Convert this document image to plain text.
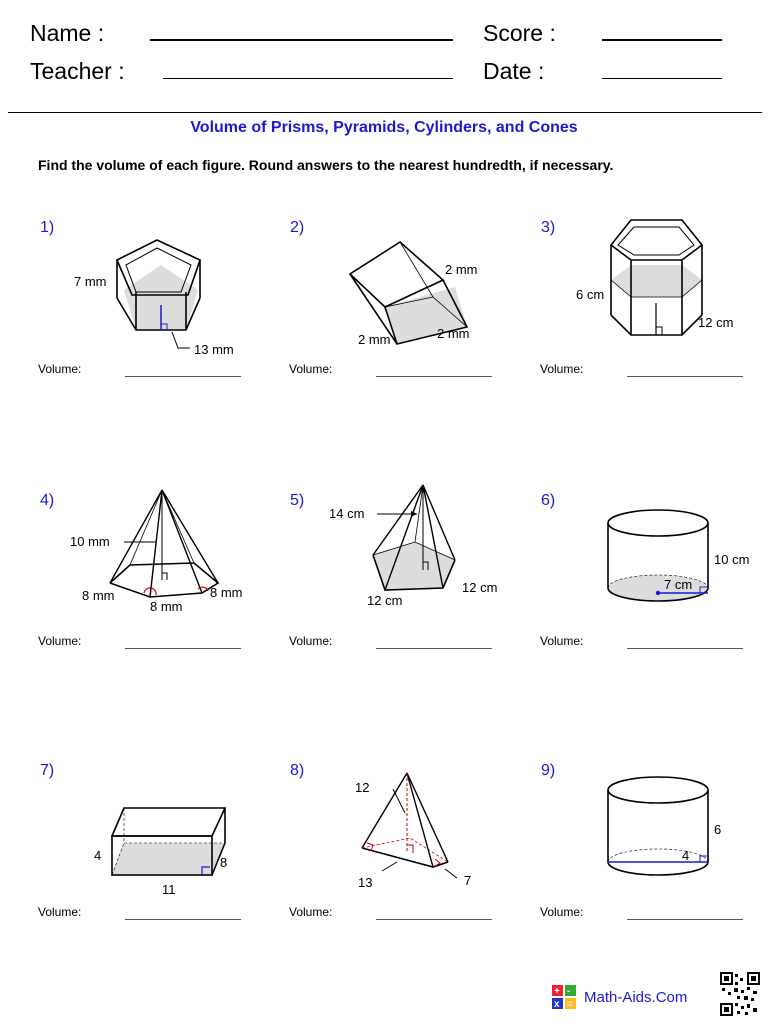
Name :
Teacher :
Score :
Date :
Volume of Prisms, Pyramids, Cylinders, and Cones
Find the volume of each figure. Round answers to the nearest hundredth, if necessary.
1)	2)	3)
4)	5)	6)
7)	8)	9)
7 mm
13 mm
2 mm
2 mm	2 mm
6 cm
12 cm
10 mm
8 mm
8 mm
8 mm
14 cm
12 cm
12 cm
10 cm
7 cm
4	8
11
12
13	7
6
4
Volume:	Volume:	Volume:
Volume:	Volume:	Volume:
Volume:	Volume:	Volume:
+ -
x = Math-Aids.Com
